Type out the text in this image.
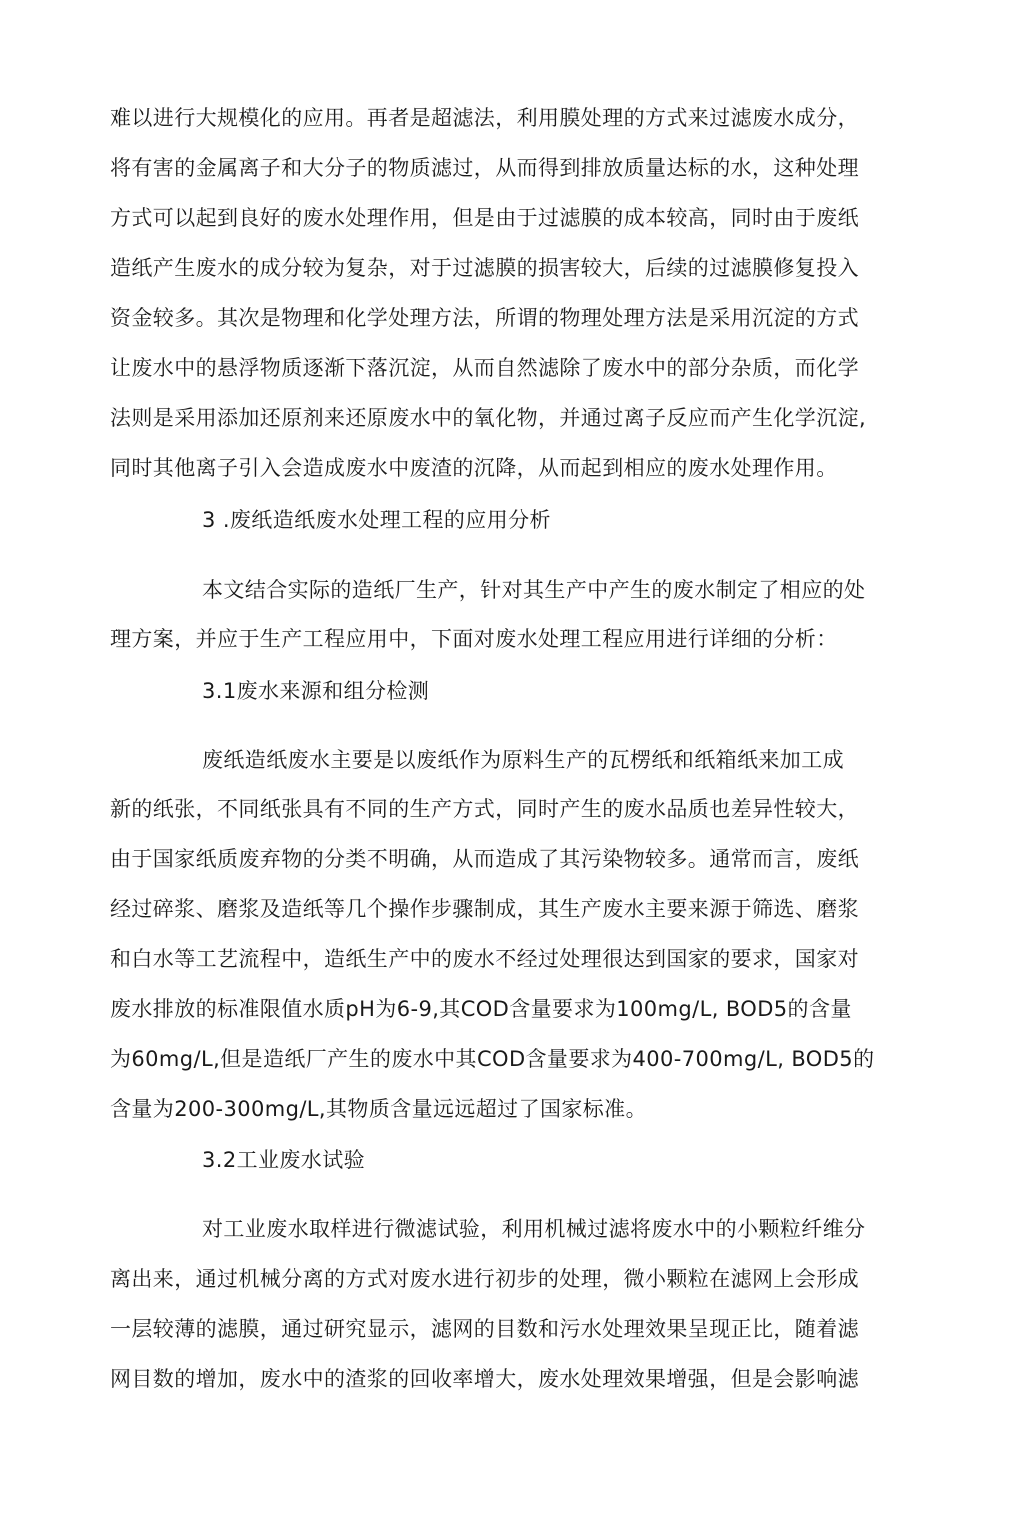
难以进行大规模化的应用。再者是超滤法，利用膜处理的方式来过滤废水成分，
将有害的金属离子和大分子的物质滤过，从而得到排放质量达标的水，这种处理
方式可以起到良好的废水处理作用，但是由于过滤膜的成本较高，同时由于废纸
造纸产生废水的成分较为复杂，对于过滤膜的损害较大，后续的过滤膜修复投入
资金较多。其次是物理和化学处理方法，所谓的物理处理方法是采用沉淀的方式
让废水中的悬浮物质逐渐下落沉淀，从而自然滤除了废水中的部分杂质，而化学
法则是采用添加还原剂来还原废水中的氧化物，并通过离子反应而产生化学沉淀,
同时其他离子引入会造成废水中废渣的沉降，从而起到相应的废水处理作用。
3 .废纸造纸废水处理工程的应用分析
本文结合实际的造纸厂生产，针对其生产中产生的废水制定了相应的处
理方案，并应于生产工程应用中，下面对废水处理工程应用进行详细的分析：
3.1废水来源和组分检测
废纸造纸废水主要是以废纸作为原料生产的瓦楞纸和纸箱纸来加工成
新的纸张，不同纸张具有不同的生产方式，同时产生的废水品质也差异性较大，
由于国家纸质废弃物的分类不明确，从而造成了其污染物较多。通常而言，废纸
经过碎浆、磨浆及造纸等几个操作步骤制成，其生产废水主要来源于筛选、磨浆
和白水等工艺流程中，造纸生产中的废水不经过处理很达到国家的要求，国家对
废水排放的标准限值水质pH为6-9,其COD含量要求为100mg/L, BOD5的含量
为60mg/L,但是造纸厂产生的废水中其COD含量要求为400-700mg/L, BOD5的
含量为200-300mg/L,其物质含量远远超过了国家标准。
3.2工业废水试验
对工业废水取样进行微滤试验，利用机械过滤将废水中的小颗粒纤维分
离出来，通过机械分离的方式对废水进行初步的处理，微小颗粒在滤网上会形成
一层较薄的滤膜，通过研究显示，滤网的目数和污水处理效果呈现正比，随着滤
网目数的增加，废水中的渣浆的回收率增大，废水处理效果增强，但是会影响滤
